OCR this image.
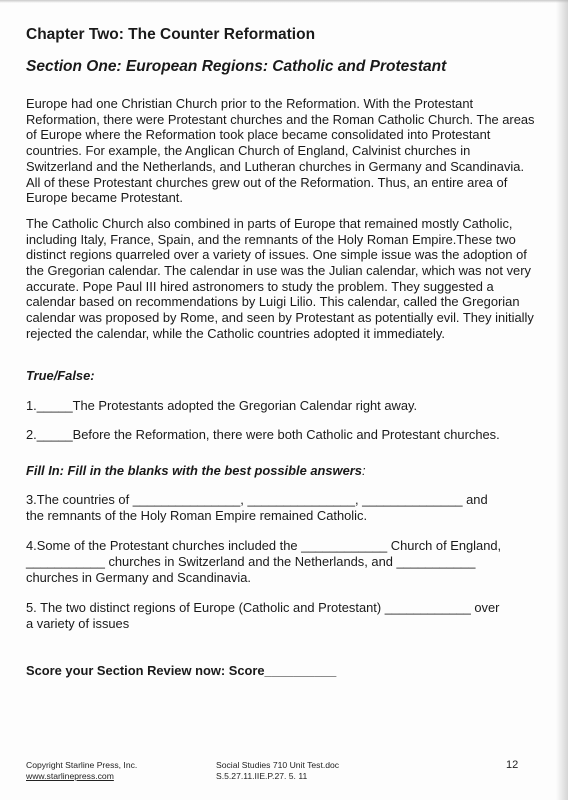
Chapter Two: The Counter Reformation
Section One: European Regions: Catholic and Protestant

Europe had one Christian Church prior to the Reformation. With the Protestant Reformation, there were Protestant churches and the Roman Catholic Church. The areas of Europe where the Reformation took place became consolidated into Protestant countries. For example, the Anglican Church of England, Calvinist churches in Switzerland and the Netherlands, and Lutheran churches in Germany and Scandinavia. All of these Protestant churches grew out of the Reformation. Thus, an entire area of Europe became Protestant.

The Catholic Church also combined in parts of Europe that remained mostly Catholic, including Italy, France, Spain, and the remnants of the Holy Roman Empire.These two distinct regions quarreled over a variety of issues. One simple issue was the adoption of the Gregorian calendar. The calendar in use was the Julian calendar, which was not very accurate. Pope Paul III hired astronomers to study the problem. They suggested a calendar based on recommendations by Luigi Lilio. This calendar, called the Gregorian calendar was proposed by Rome, and seen by Protestant as potentially evil. They initially rejected the calendar, while the Catholic countries adopted it immediately.

True/False:

1._____The Protestants adopted the Gregorian Calendar right away.

2._____Before the Reformation, there were both Catholic and Protestant churches.

Fill In: Fill in the blanks with the best possible answers:

3.The countries of _______________, _______________, ______________ and

the remnants of the Holy Roman Empire remained Catholic.

4.Some of the Protestant churches included the ____________ Church of England,

___________ churches in Switzerland and the Netherlands, and ___________

churches in Germany and Scandinavia.

5. The two distinct regions of Europe (Catholic and Protestant) ____________ over

a variety of issues

Score your Section Review now: Score__________

Copyright Starline Press, Inc.
www.starlinepress.com
Social Studies 710 Unit Test.doc
S.5.27.11.IIE.P.27. 5. 11
12
